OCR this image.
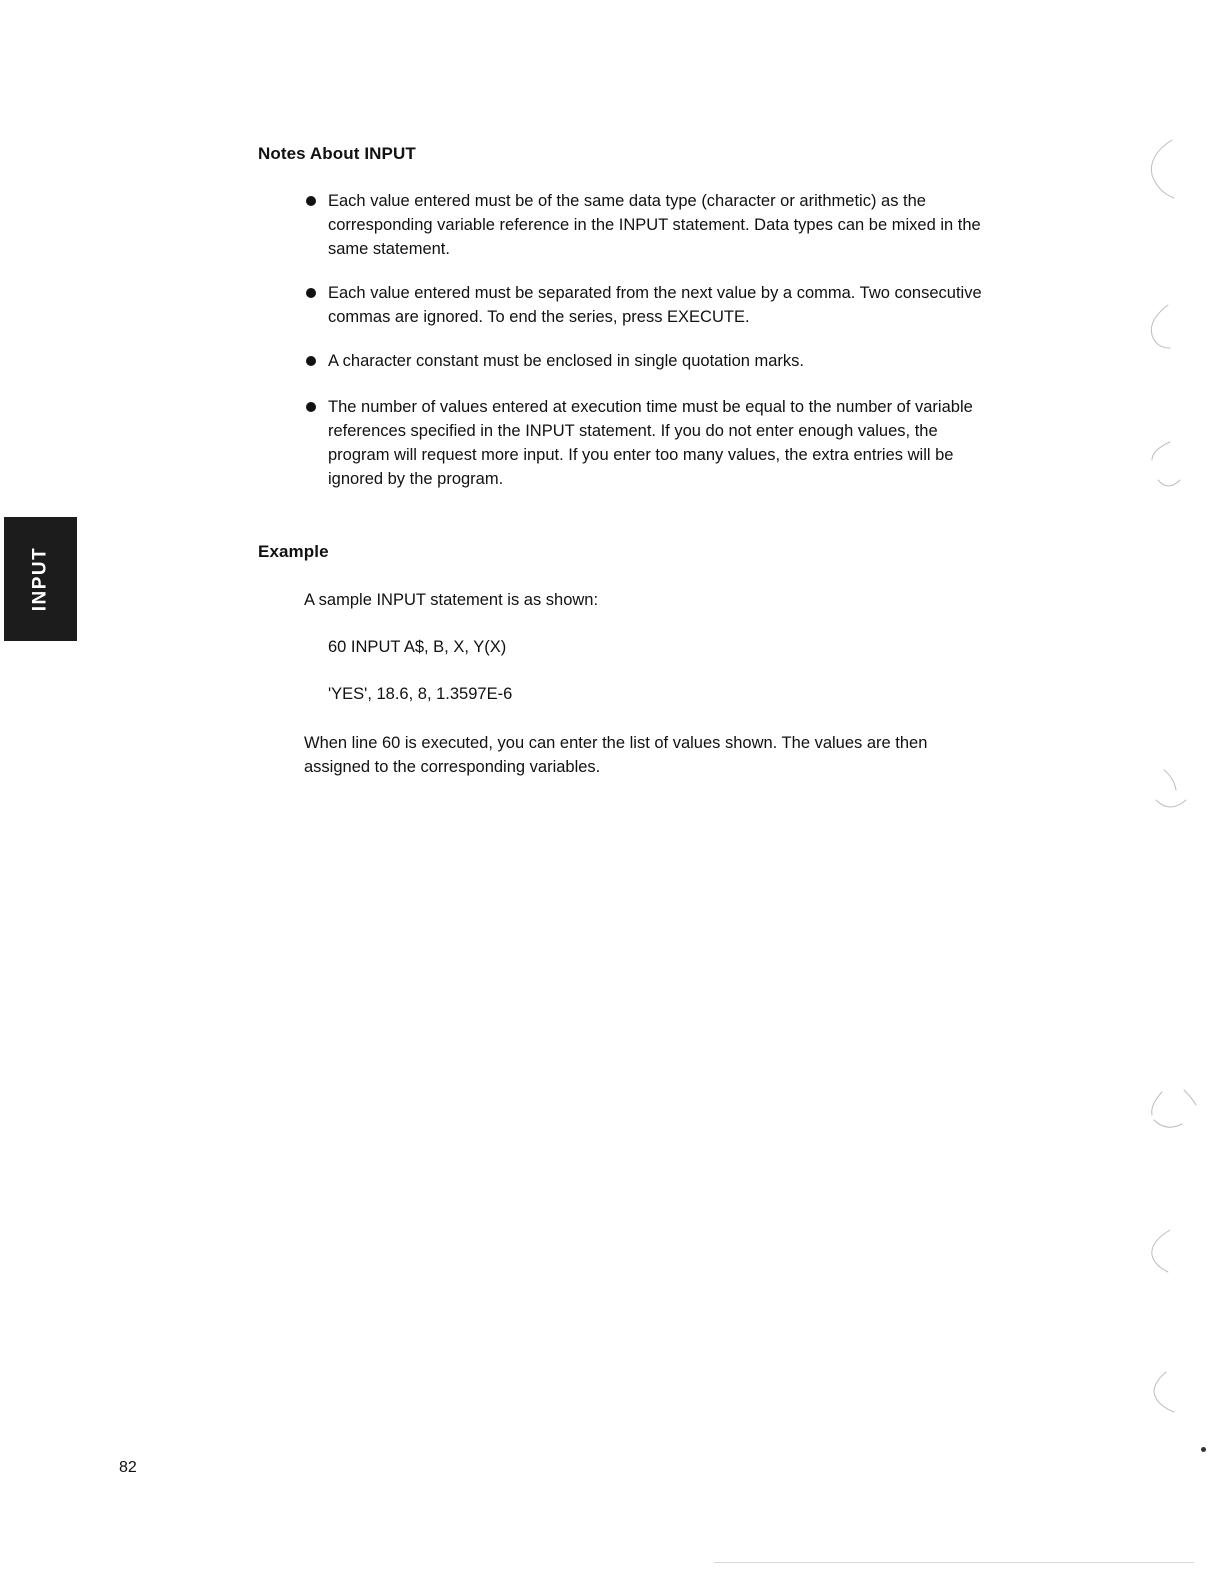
Notes About INPUT
Each value entered must be of the same data type (character or arithmetic) as the corresponding variable reference in the INPUT statement. Data types can be mixed in the same statement.
Each value entered must be separated from the next value by a comma. Two consecutive commas are ignored. To end the series, press EXECUTE.
A character constant must be enclosed in single quotation marks.
The number of values entered at execution time must be equal to the number of variable references specified in the INPUT statement. If you do not enter enough values, the program will request more input. If you enter too many values, the extra entries will be ignored by the program.
Example

A sample INPUT statement is as shown:

60 INPUT A$, B, X, Y(X)

'YES', 18.6, 8, 1.3597E-6

When line 60 is executed, you can enter the list of values shown. The values are then assigned to the corresponding variables.

INPUT

82
